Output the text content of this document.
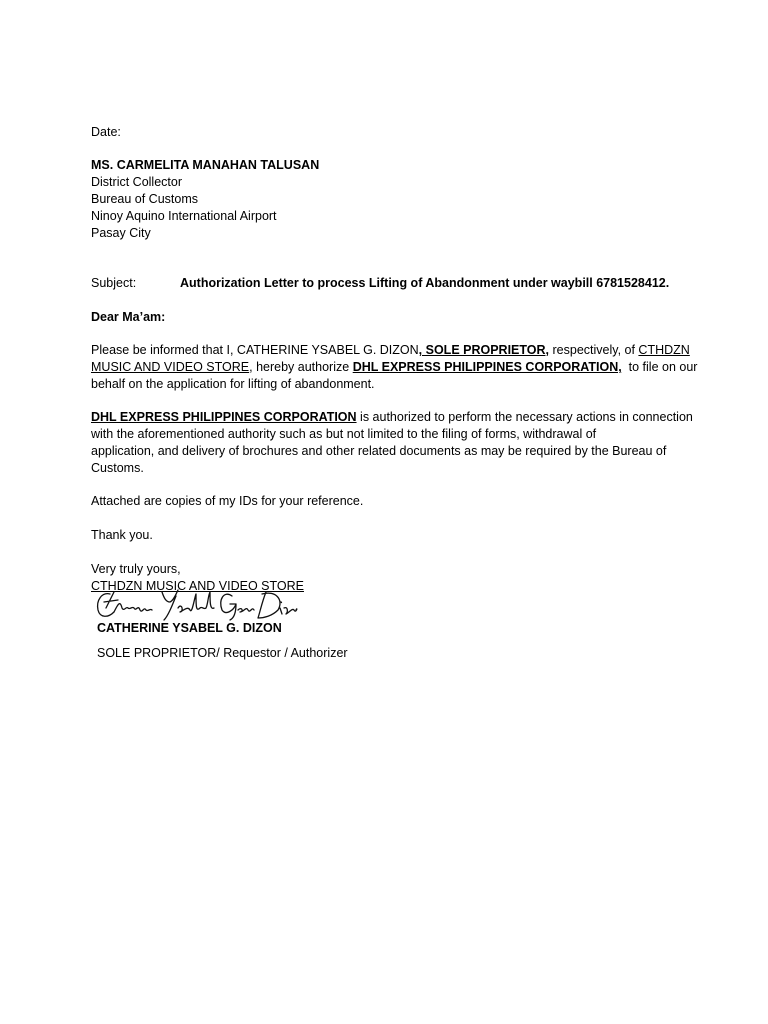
Date:
MS. CARMELITA MANAHAN TALUSAN
District Collector
Bureau of Customs
Ninoy Aquino International Airport
Pasay City
Subject:	Authorization Letter to process Lifting of Abandonment under waybill 6781528412.
Dear Ma’am:
Please be informed that I, CATHERINE YSABEL G. DIZON, SOLE PROPRIETOR, respectively, of CTHDZN
MUSIC AND VIDEO STORE, hereby authorize DHL EXPRESS PHILIPPINES CORPORATION,  to file on our
behalf on the application for lifting of abandonment.
DHL EXPRESS PHILIPPINES CORPORATION is authorized to perform the necessary actions in connection
with the aforementioned authority such as but not limited to the filing of forms, withdrawal of
application, and delivery of brochures and other related documents as may be required by the Bureau of
Customs.
Attached are copies of my IDs for your reference.
Thank you.
Very truly yours,
CTHDZN MUSIC AND VIDEO STORE
CATHERINE YSABEL G. DIZON
SOLE PROPRIETOR/ Requestor / Authorizer
